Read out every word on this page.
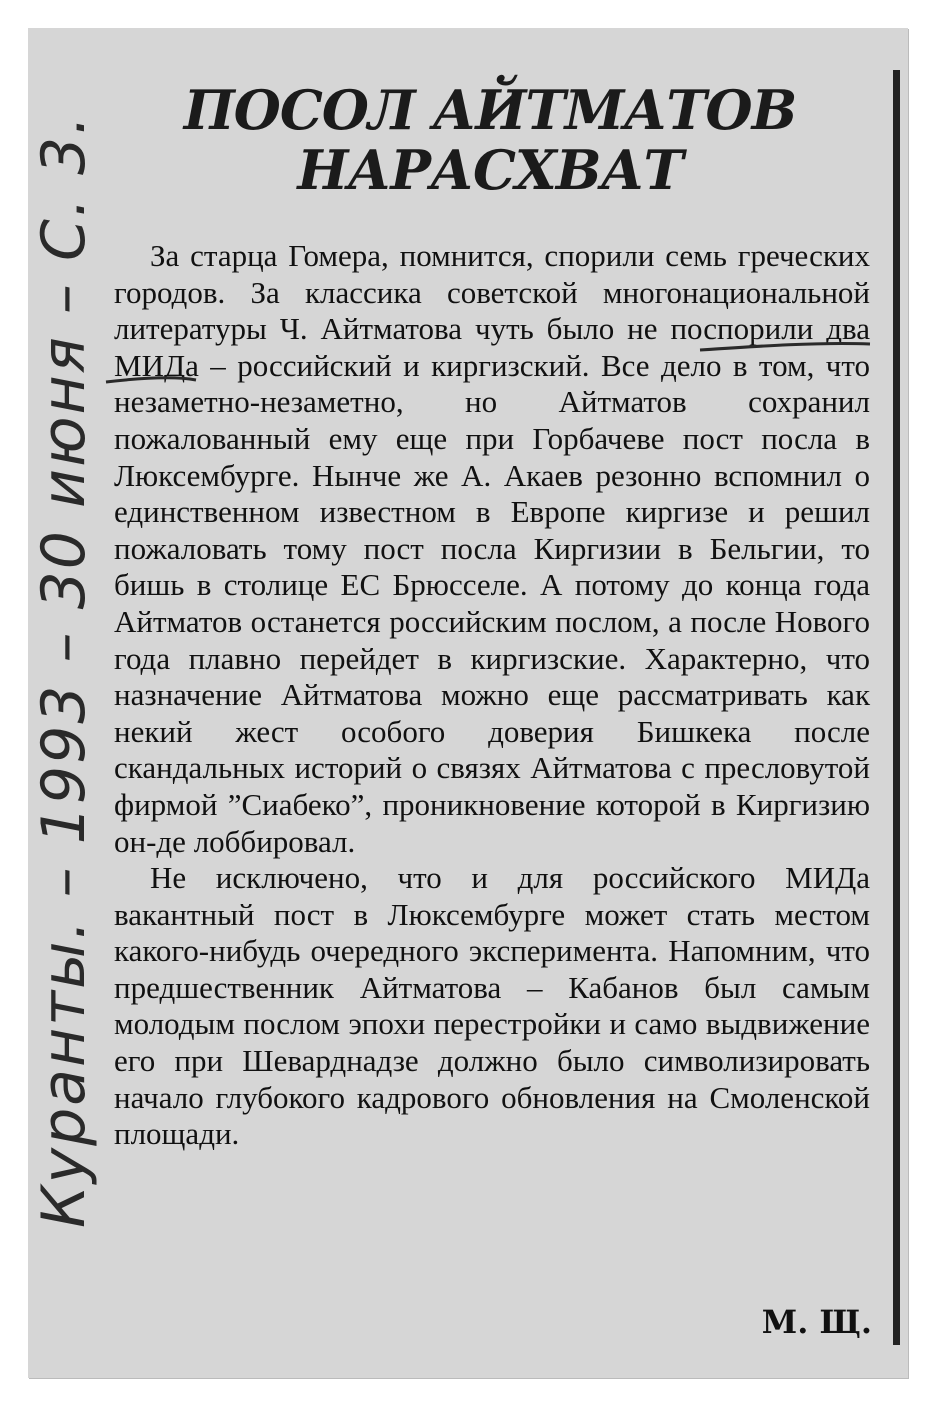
ПОСОЛ АЙТМАТОВ
НАРАСХВАТ

За старца Гомера, помнится, спорили семь греческих городов. За классика советской многонациональной литературы Ч. Айтматова чуть было не поспорили два МИДа – российский и киргизский. Все дело в том, что незаметно-незаметно, но Айтматов сохранил пожалованный ему еще при Горбачеве пост посла в Люксембурге. Нынче же А. Акаев резонно вспомнил о единственном известном в Европе киргизе и решил пожаловать тому пост посла Киргизии в Бельгии, то бишь в столице ЕС Брюсселе. А потому до конца года Айтматов останется российским послом, а после Нового года плавно перейдет в киргизские. Характерно, что назначение Айтматова можно еще рассматривать как некий жест особого доверия Бишкека после скандальных историй о связях Айтматова с пресловутой фирмой ”Сиабеко”, проникновение которой в Киргизию он-де лоббировал.

Не исключено, что и для российского МИДа вакантный пост в Люксембурге может стать местом какого-нибудь очередного эксперимента. Напомним, что предшественник Айтматова – Кабанов был самым молодым послом эпохи перестройки и само выдвижение его при Шеварднадзе должно было символизировать начало глубокого кадрового обновления на Смоленской площади.

М. Щ.
Куранты. – 1993 – 30 июня – С. 3.
